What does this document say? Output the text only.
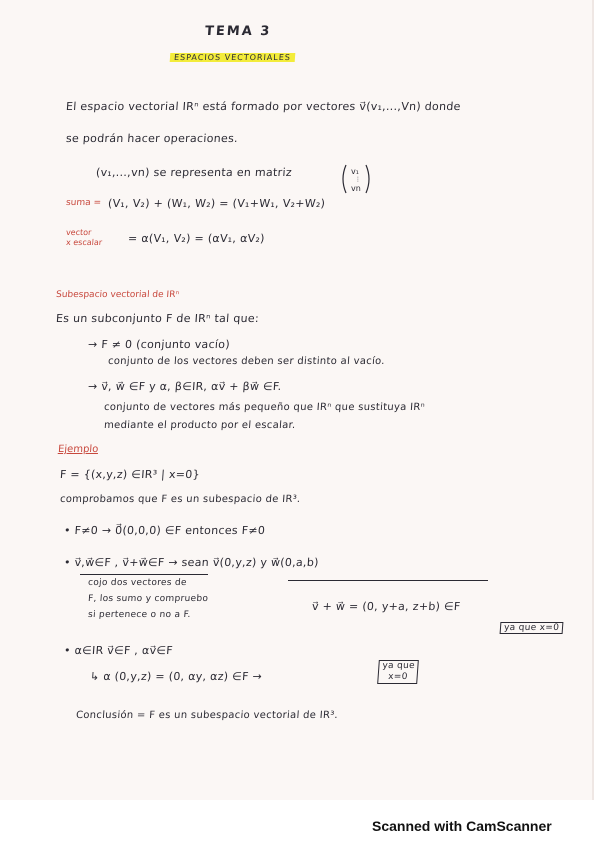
TEMA 3
ESPACIOS VECTORIALES
El espacio vectorial IRⁿ está formado por vectores v⃗(v₁,...,Vn) donde
se podrán hacer operaciones.
(v₁,...,vn) se representa en matriz	v₁
⋮
vn
suma = (V₁, V₂) + (W₁, W₂) = (V₁+W₁, V₂+W₂)
vector
x escalar = α(V₁, V₂) = (αV₁, αV₂)
Subespacio vectorial de IRⁿ
Es un subconjunto F de IRⁿ tal que:
→ F ≠ 0 (conjunto vacío)
conjunto de los vectores deben ser distinto al vacío.
→ v⃗, w⃗ ∈F y α, β∈IR, αv⃗ + βw⃗ ∈F.
conjunto de vectores más pequeño que IRⁿ que sustituya IRⁿ
mediante el producto por el escalar.
Ejemplo
F = {(x,y,z) ∈IR³ | x=0}
comprobamos que F es un subespacio de IR³.
• F≠0 → 0⃗(0,0,0) ∈F entonces F≠0
• v⃗,w⃗∈F , v⃗+w⃗∈F → sean v⃗(0,y,z) y w⃗(0,a,b)
cojo dos vectores de
F, los sumo y compruebo
si pertenece o no a F.
v⃗ + w⃗ = (0, y+a, z+b) ∈F
ya que x=0
• α∈IR v⃗∈F , αv⃗∈F
↳ α (0,y,z) = (0, αy, αz) ∈F →
ya que
x=0
Conclusión = F es un subespacio vectorial de IR³.
Scanned with CamScanner
